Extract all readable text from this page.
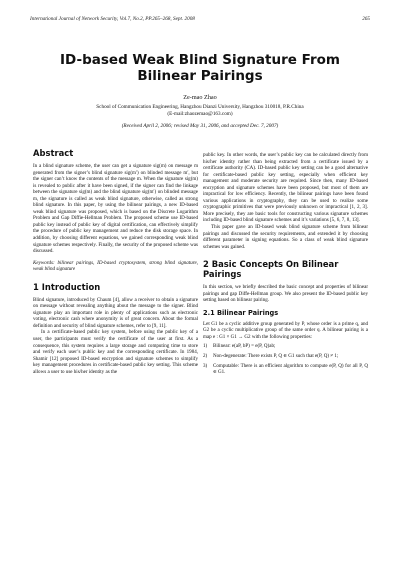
International Journal of Network Security, Vol.7, No.2, PP.265–268, Sept. 2008	265
ID-based Weak Blind Signature From Bilinear Pairings
Ze-mao Zhao
School of Communication Engineering, Hangzhou Dianzi University, Hangzhou 310018, P.R.China
(E-mail:zhaozemao@163.com)
(Received April 2, 2006; revised May 31, 2006, and accepted Dec. 7, 2007)
Abstract

In a blind signature scheme, the user can get a signature sig(m) on message m generated from the signer’s blind signature sig(m′) on blinded message m′, but the signer can’t know the contents of the message m. When the signature sig(m) is revealed to public after it have been signed, if the signer can find the linkage between the signature sig(m) and the blind signature sig(m′) on blinded message m, the signature is called as weak blind signature, otherwise, called as strong blind signature. In this paper, by using the bilinear pairings, a new ID-based weak blind signature was proposed, which is based on the Discrete Logarithm Problem and Gap Diffie-Hellman Problem. The proposed scheme use ID-based public key instead of public key of digital certification, can effectively simplify the procedure of public key management and reduce the disk storage space. In addition, by choosing different equations, we gained corresponding weak blind signature schemes respectively. Finally, the security of the proposed scheme was discussed.

Keywords: bilinear pairings, ID-based cryptosystem, strong blind signature, weak blind signature

1 Introduction

Blind signature, introduced by Chaum [4], allow a receiver to obtain a signature on message without revealing anything about the message to the signer. Blind signature play an important role in plenty of applications such as electronic voting, electronic cash where anonymity is of great concern. About the formal definition and security of blind signature schemes, refer to [9, 11].

In a certificate-based public key system, before using the public key of a user, the participants must verify the certificate of the user at first. As a consequence, this system requires a large storage and computing time to store and verify each user’s public key and the corresponding certificate. In 1984, Shamir [12] proposed ID-based encryption and signature schemes to simplify key management procedures in certificate-based public key setting. This scheme allows a user to use his/her identity as the

public key. In other words, the user’s public key can be calculated directly from his/her identity rather than being extracted from a certificate issued by a certificate authority (CA). ID-based public key setting can be a good alternative for certificate-based public key setting, especially when efficient key management and moderate security are required. Since then, many ID-based encryption and signature schemes have been proposed, but most of them are impractical for low efficiency. Recently, the bilinear pairings have been found various applications in cryptography, they can be used to realize some cryptographic primitives that were previously unknown or impractical [1, 2, 3]. More precisely, they are basic tools for constructing various signature schemes including ID-based blind signature schemes and it’s variations [5, 6, 7, 8, 13].

This paper gave an ID-based weak blind signature scheme from bilinear pairings and discussed the security requirements, and extended it by choosing different parameter in signing equations. So a class of weak blind signature schemes was gained.

2 Basic Concepts On Bilinear Pairings

In this section, we briefly described the basic concept and properties of bilinear pairings and gap Diffe-Hellman group. We also present the ID-based public key setting based on bilinear pairing.

2.1 Bilinear Pairings

Let G1 be a cyclic additive group generated by P, whose order is a prime q, and G2 be a cyclic multiplicative group of the same order q. A bilinear pairing is a map e : G1 × G1 → G2 with the following properties:

1)	Bilinear: e(aP, bP) = e(P, Q)ab;
2)	Non-degenerate: There exists P, Q ∈ G1 such that e(P, Q) ≠ 1;
3)	Computable: There is an efficient algorithm to compute e(P, Q) for all P, Q ∈ G1.
